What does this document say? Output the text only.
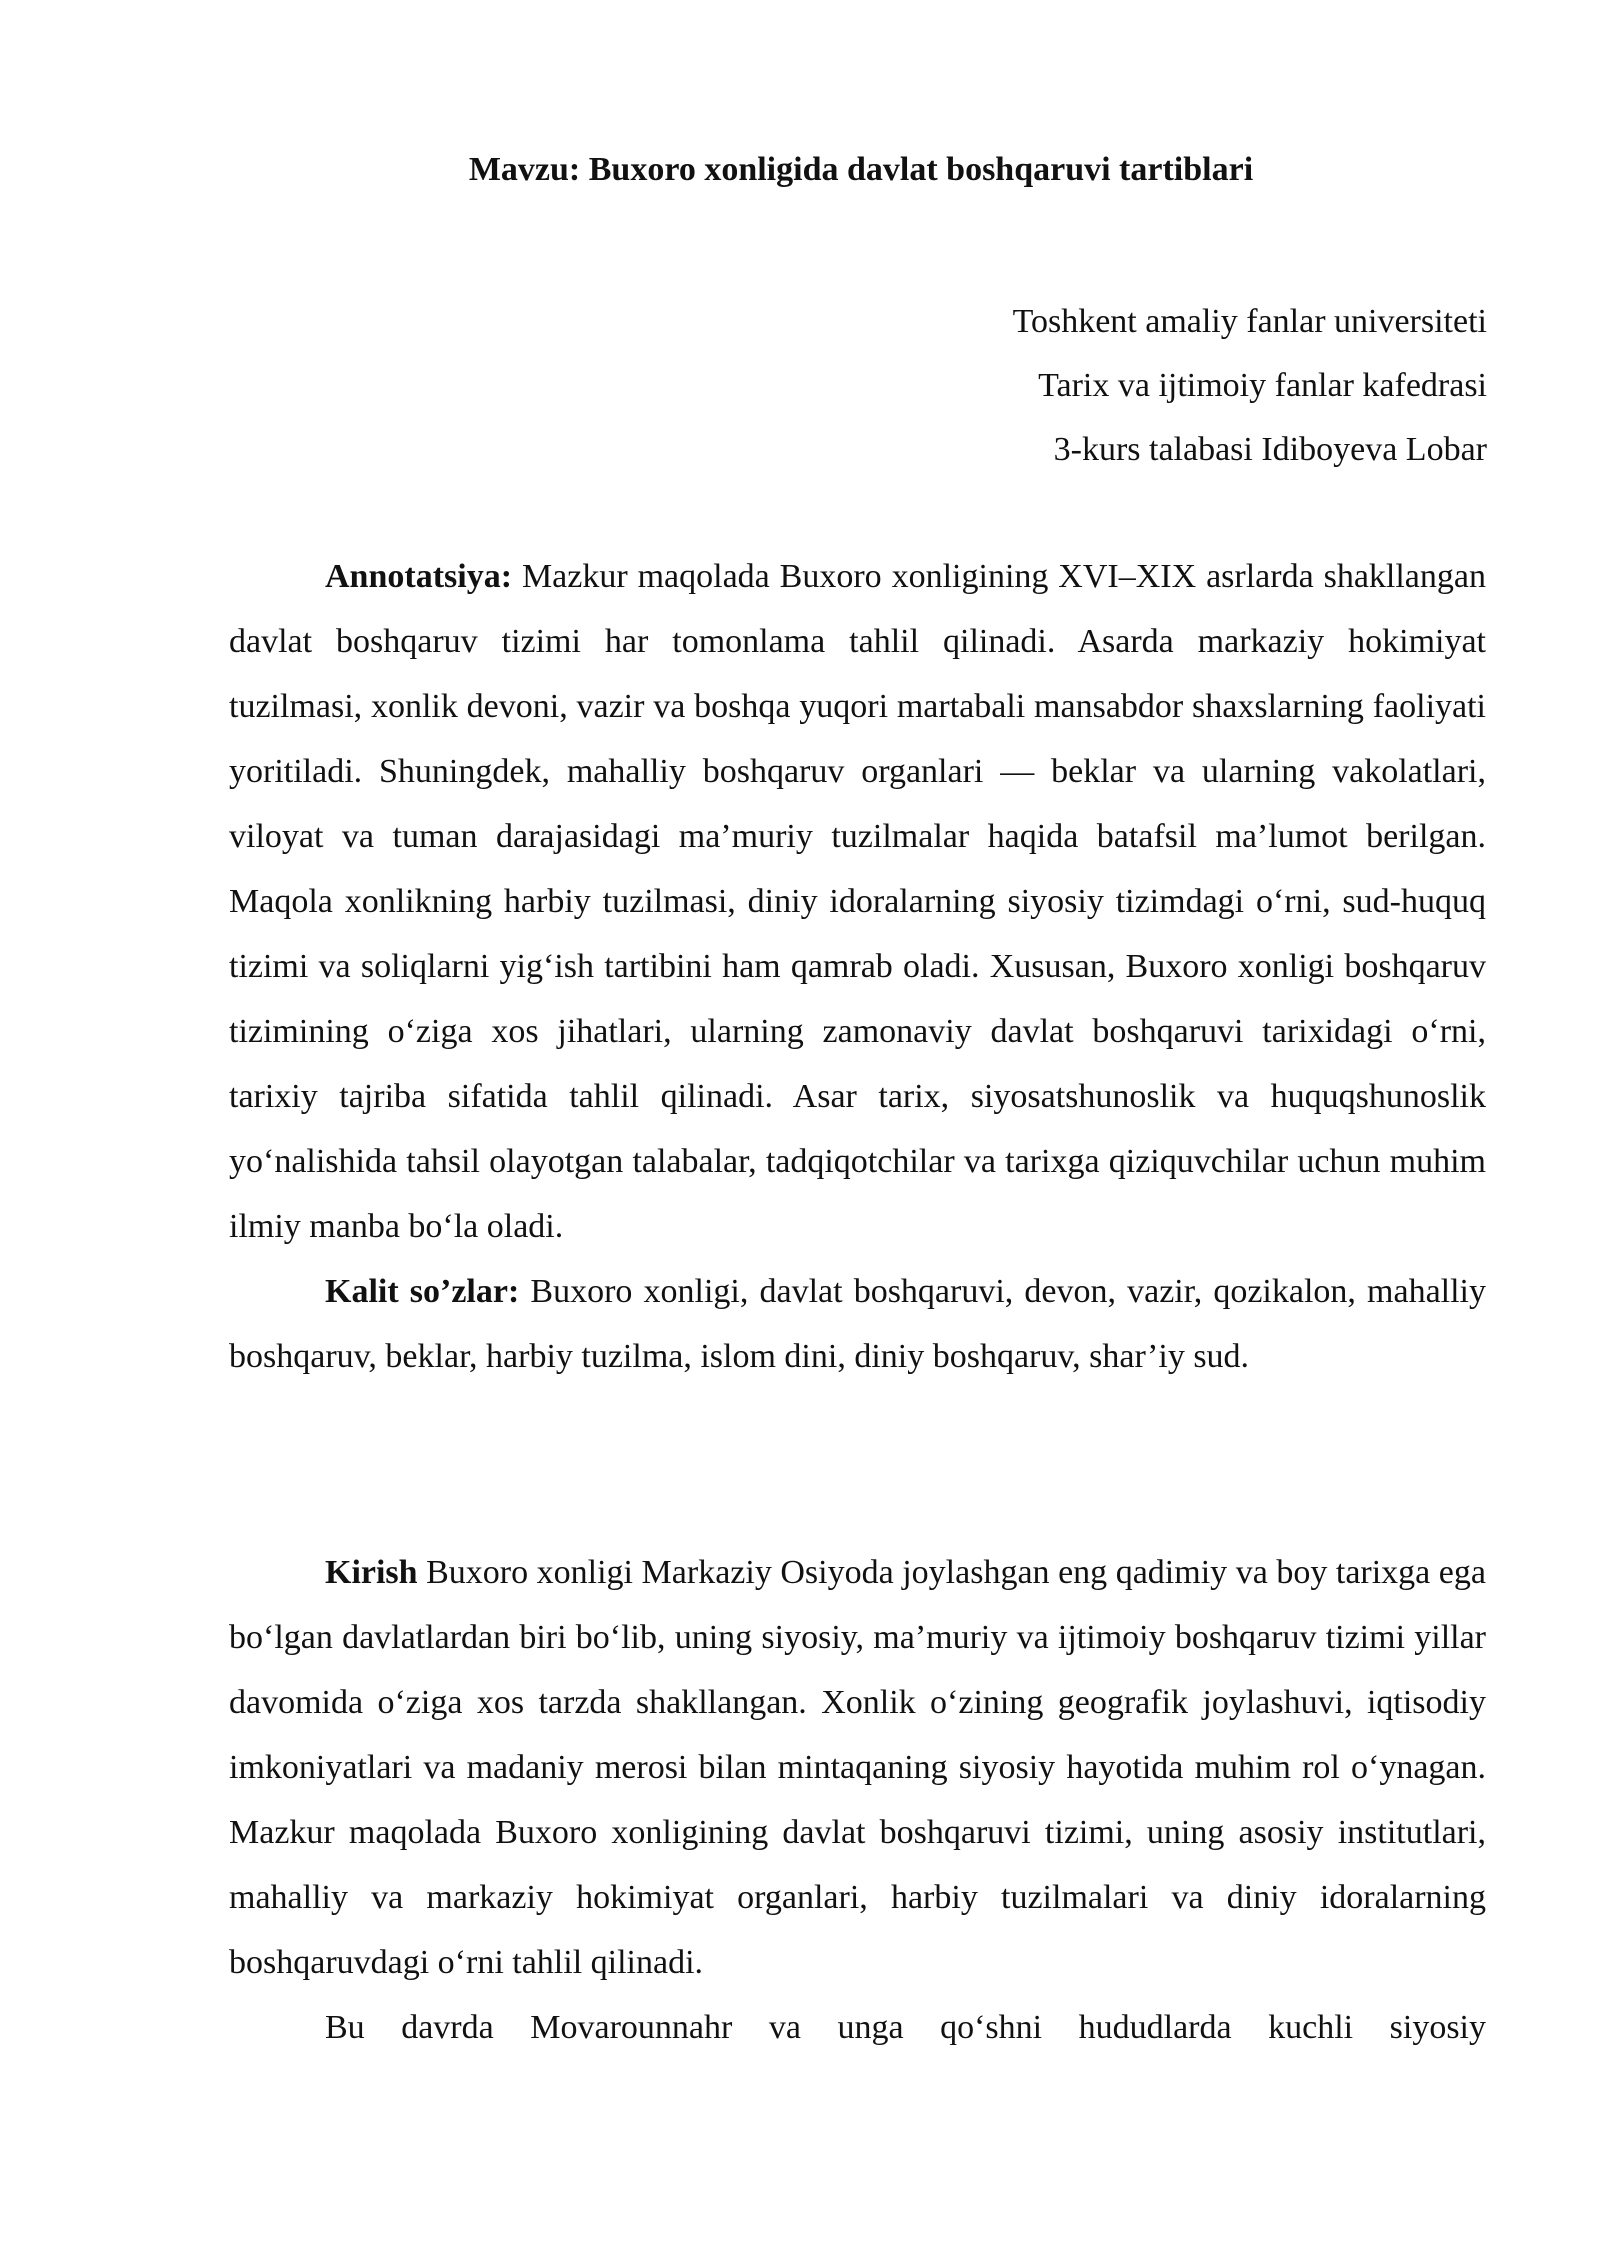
Mavzu: Buxoro xonligida davlat boshqaruvi tartiblari
Toshkent amaliy fanlar universiteti
Tarix va ijtimoiy fanlar kafedrasi
3-kurs talabasi Idiboyeva Lobar

Annotatsiya: Mazkur maqolada Buxoro xonligining XVI–XIX asrlarda shakllangan davlat boshqaruv tizimi har tomonlama tahlil qilinadi. Asarda markaziy hokimiyat tuzilmasi, xonlik devoni, vazir va boshqa yuqori martabali mansabdor shaxslarning faoliyati yoritiladi. Shuningdek, mahalliy boshqaruv organlari — beklar va ularning vakolatlari, viloyat va tuman darajasidagi ma’muriy tuzilmalar haqida batafsil ma’lumot berilgan. Maqola xonlikning harbiy tuzilmasi, diniy idoralarning siyosiy tizimdagi o‘rni, sud-huquq tizimi va soliqlarni yig‘ish tartibini ham qamrab oladi. Xususan, Buxoro xonligi boshqaruv tizimining o‘ziga xos jihatlari, ularning zamonaviy davlat boshqaruvi tarixidagi o‘rni, tarixiy tajriba sifatida tahlil qilinadi. Asar tarix, siyosatshunoslik va huquqshunoslik yo‘nalishida tahsil olayotgan talabalar, tadqiqotchilar va tarixga qiziquvchilar uchun muhim ilmiy manba bo‘la oladi.

Kalit so’zlar: Buxoro xonligi, davlat boshqaruvi, devon, vazir, qozikalon, mahalliy boshqaruv, beklar, harbiy tuzilma, islom dini, diniy boshqaruv, shar’iy sud.

Kirish Buxoro xonligi Markaziy Osiyoda joylashgan eng qadimiy va boy tarixga ega bo‘lgan davlatlardan biri bo‘lib, uning siyosiy, ma’muriy va ijtimoiy boshqaruv tizimi yillar davomida o‘ziga xos tarzda shakllangan. Xonlik o‘zining geografik joylashuvi, iqtisodiy imkoniyatlari va madaniy merosi bilan mintaqaning siyosiy hayotida muhim rol o‘ynagan. Mazkur maqolada Buxoro xonligining davlat boshqaruvi tizimi, uning asosiy institutlari, mahalliy va markaziy hokimiyat organlari, harbiy tuzilmalari va diniy idoralarning boshqaruvdagi o‘rni tahlil qilinadi.

Bu davrda Movarounnahr va unga qo‘shni hududlarda kuchli siyosiy
